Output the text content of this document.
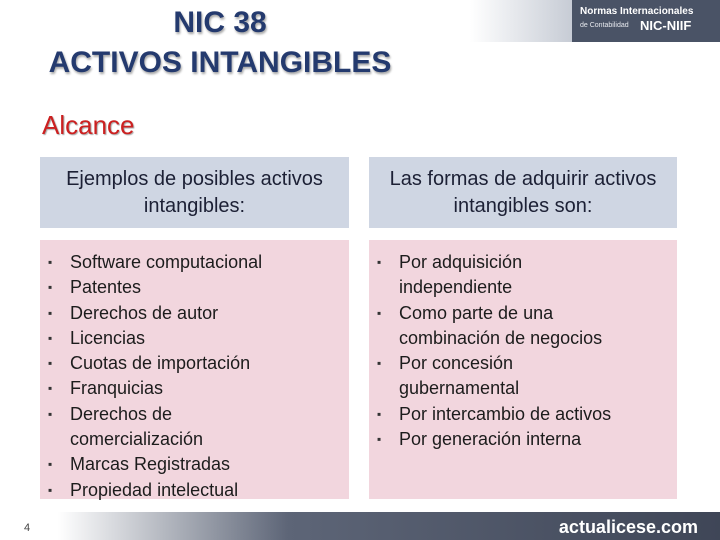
NIC 38
ACTIVOS INTANGIBLES
Normas Internacionales
de Contabilidad NIC-NIIF
Alcance
Ejemplos de posibles activos intangibles:
Las formas de adquirir activos intangibles son:
▪ Software computacional
▪ Patentes
▪ Derechos de autor
▪ Licencias
▪ Cuotas de importación
▪ Franquicias
▪ Derechos de comercialización
▪ Marcas Registradas
▪ Propiedad intelectual
▪ Por adquisición independiente
▪ Como parte de una combinación de negocios
▪ Por concesión gubernamental
▪ Por intercambio de activos
▪ Por generación interna
4	actualicese.com
